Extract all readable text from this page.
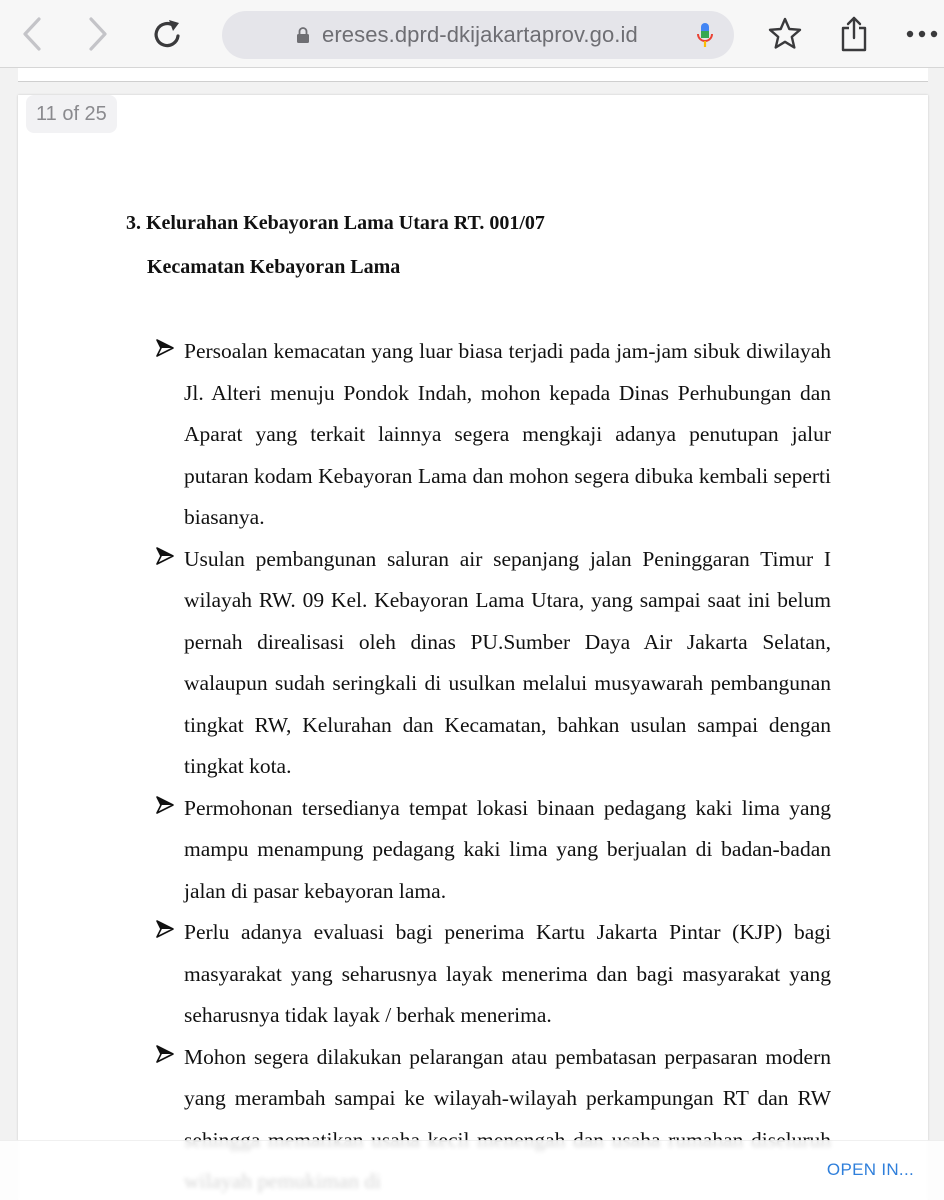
ereses.dprd-dkijakartaprov.go.id
11 of 25
3. Kelurahan Kebayoran Lama Utara RT. 001/07
Kecamatan Kebayoran Lama
Persoalan kemacatan yang luar biasa terjadi pada jam-jam sibuk diwilayah Jl. Alteri menuju Pondok Indah, mohon kepada Dinas Perhubungan dan Aparat yang terkait lainnya segera mengkaji adanya penutupan jalur putaran kodam Kebayoran Lama dan mohon segera dibuka kembali seperti biasanya.
Usulan pembangunan saluran air sepanjang jalan Peninggaran Timur I wilayah RW. 09 Kel. Kebayoran Lama Utara, yang sampai saat ini belum pernah direalisasi oleh dinas PU.Sumber Daya Air Jakarta Selatan, walaupun sudah seringkali di usulkan melalui musyawarah pembangunan tingkat RW, Kelurahan dan Kecamatan, bahkan usulan sampai dengan tingkat kota.
Permohonan tersedianya tempat lokasi binaan pedagang kaki lima yang mampu menampung pedagang kaki lima yang berjualan di badan-badan jalan di pasar kebayoran lama.
Perlu adanya evaluasi bagi penerima Kartu Jakarta Pintar (KJP) bagi masyarakat yang seharusnya layak menerima dan bagi masyarakat yang seharusnya tidak layak / berhak menerima.
Mohon segera dilakukan pelarangan atau pembatasan perpasaran modern yang merambah sampai ke wilayah-wilayah perkampungan RT dan RW
OPEN IN...
